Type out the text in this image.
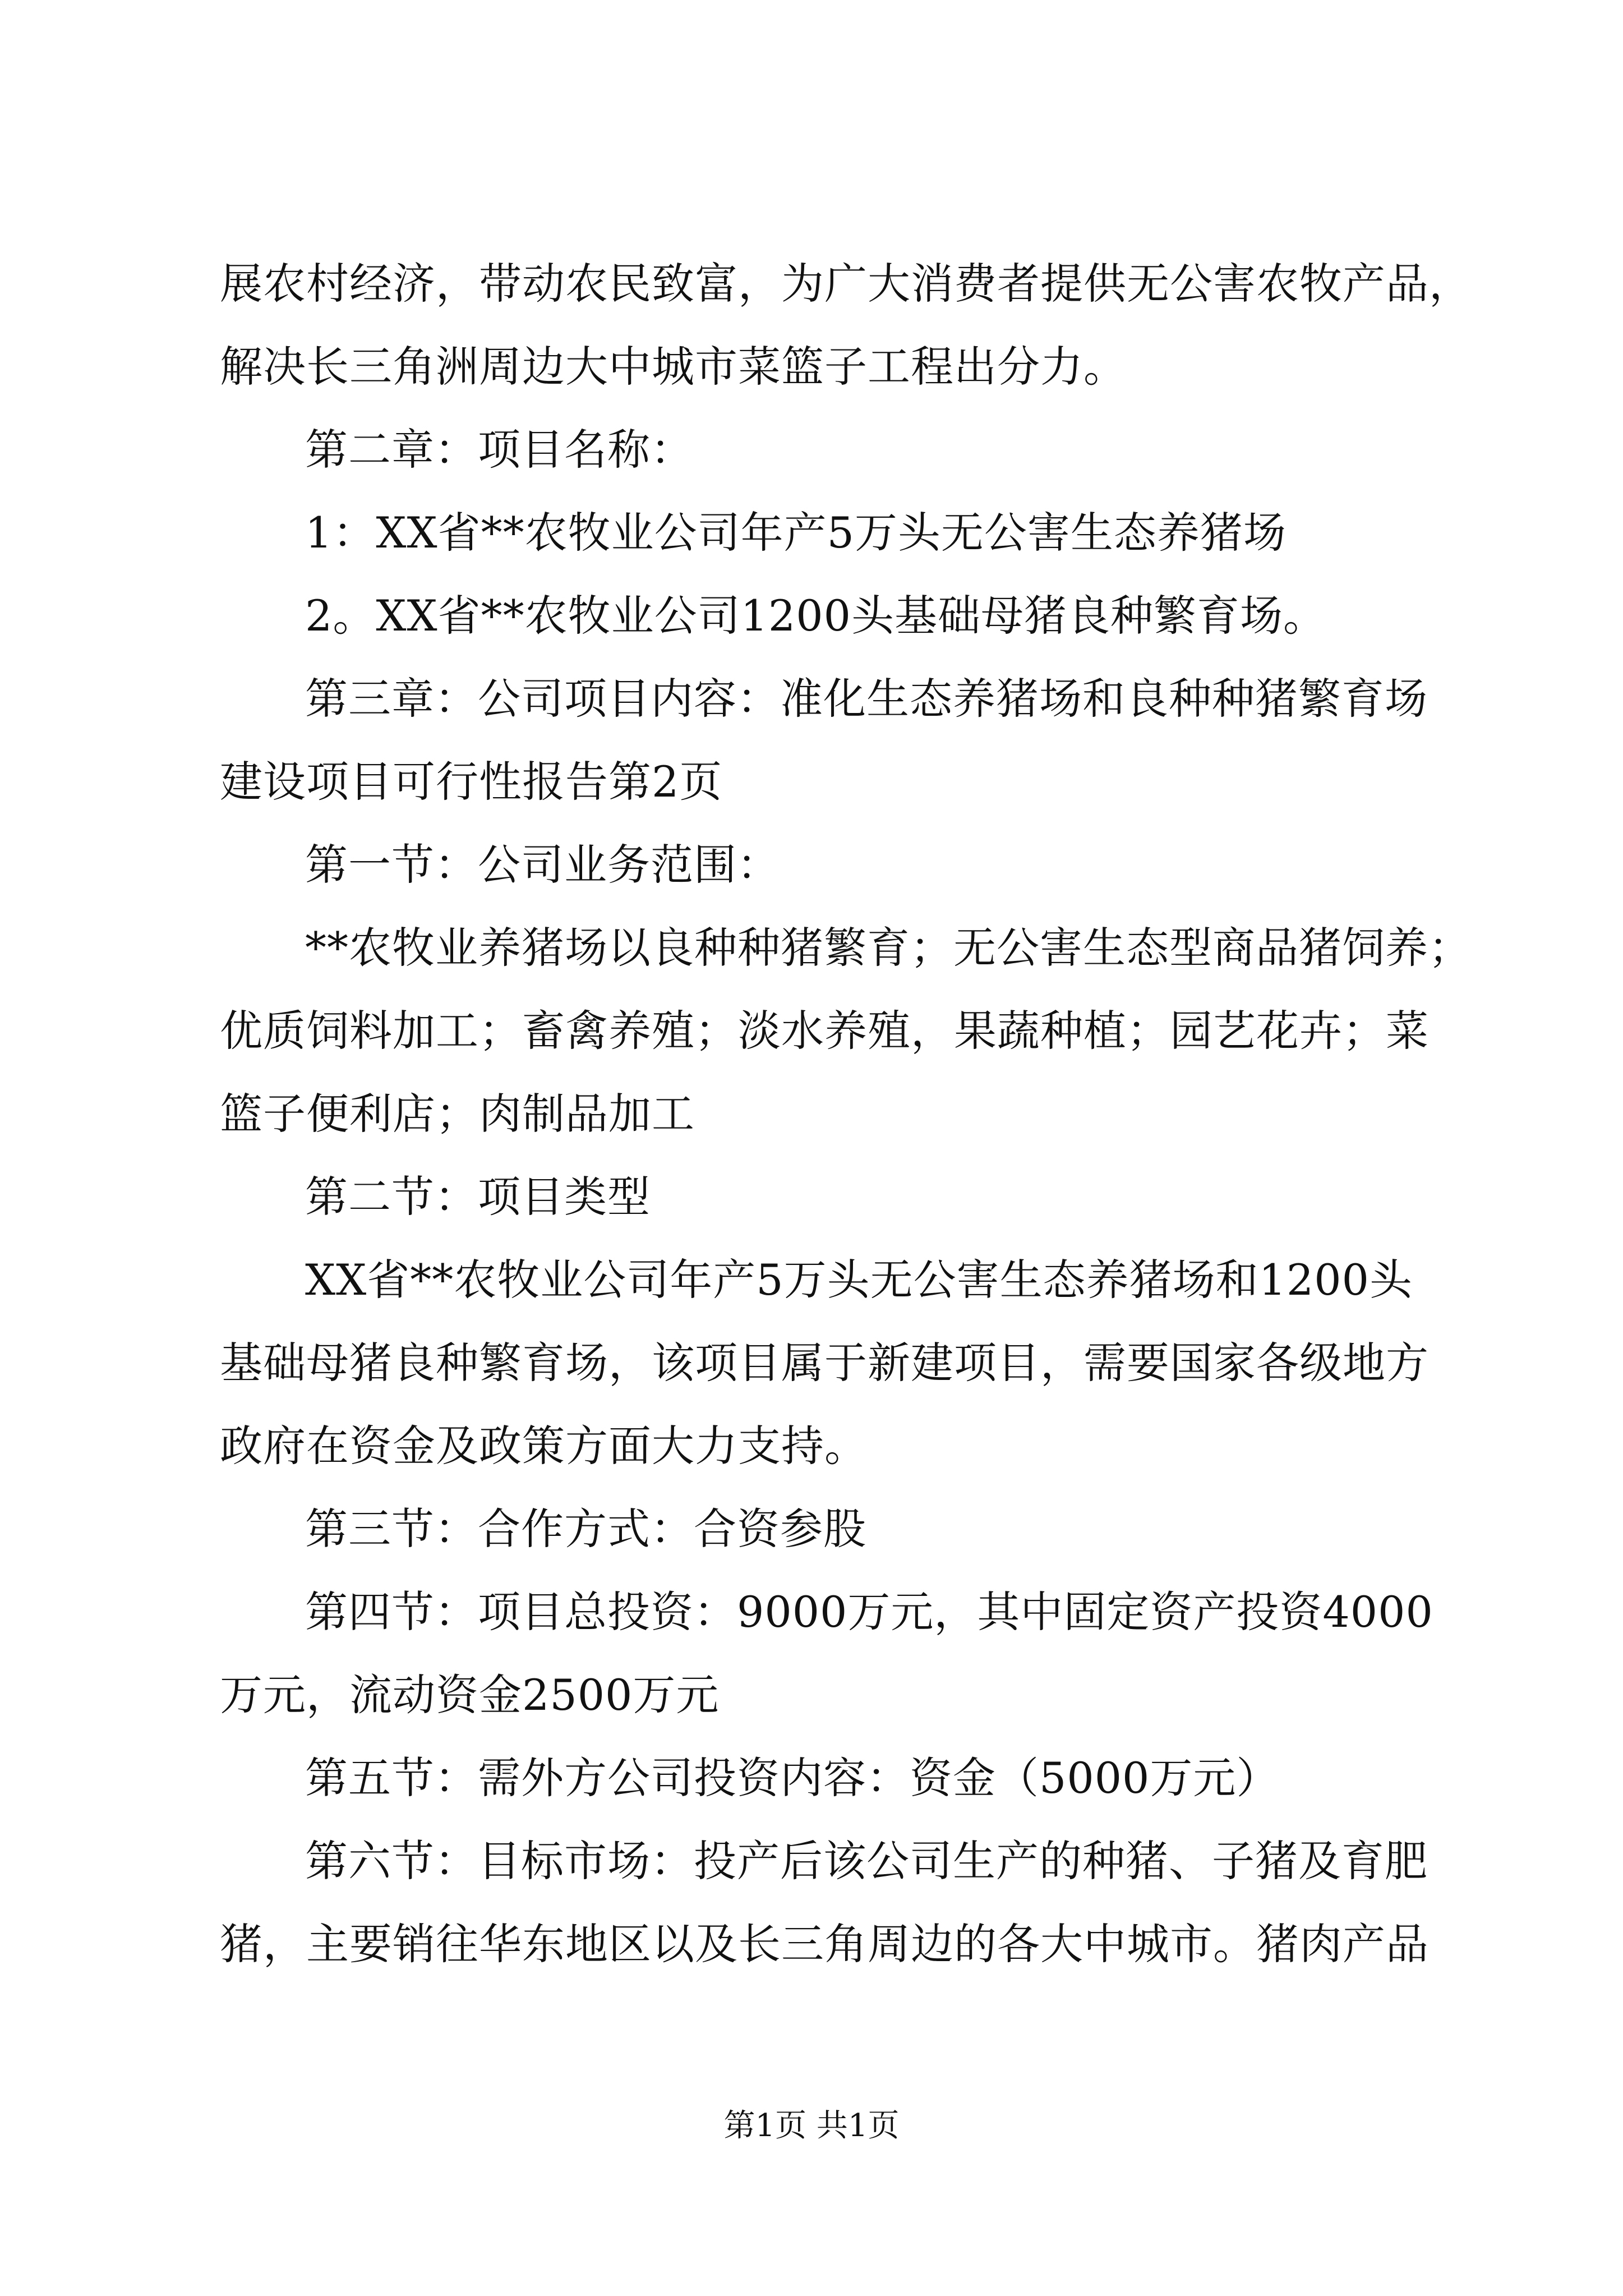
展农村经济，带动农民致富，为广大消费者提供无公害农牧产品，
解决长三角洲周边大中城市菜篮子工程出分力。
第二章：项目名称：
1：XX省**农牧业公司年产5万头无公害生态养猪场
2。XX省**农牧业公司1200头基础母猪良种繁育场。
第三章：公司项目内容：准化生态养猪场和良种种猪繁育场
建设项目可行性报告第2页
第一节：公司业务范围：
**农牧业养猪场以良种种猪繁育；无公害生态型商品猪饲养；
优质饲料加工；畜禽养殖；淡水养殖，果蔬种植；园艺花卉；菜
篮子便利店；肉制品加工
第二节：项目类型
XX省**农牧业公司年产5万头无公害生态养猪场和1200头
基础母猪良种繁育场，该项目属于新建项目，需要国家各级地方
政府在资金及政策方面大力支持。
第三节：合作方式：合资参股
第四节：项目总投资：9000万元，其中固定资产投资4000
万元，流动资金2500万元
第五节：需外方公司投资内容：资金（5000万元）
第六节：目标市场：投产后该公司生产的种猪、子猪及育肥
猪，主要销往华东地区以及长三角周边的各大中城市。猪肉产品
第1页 共1页
